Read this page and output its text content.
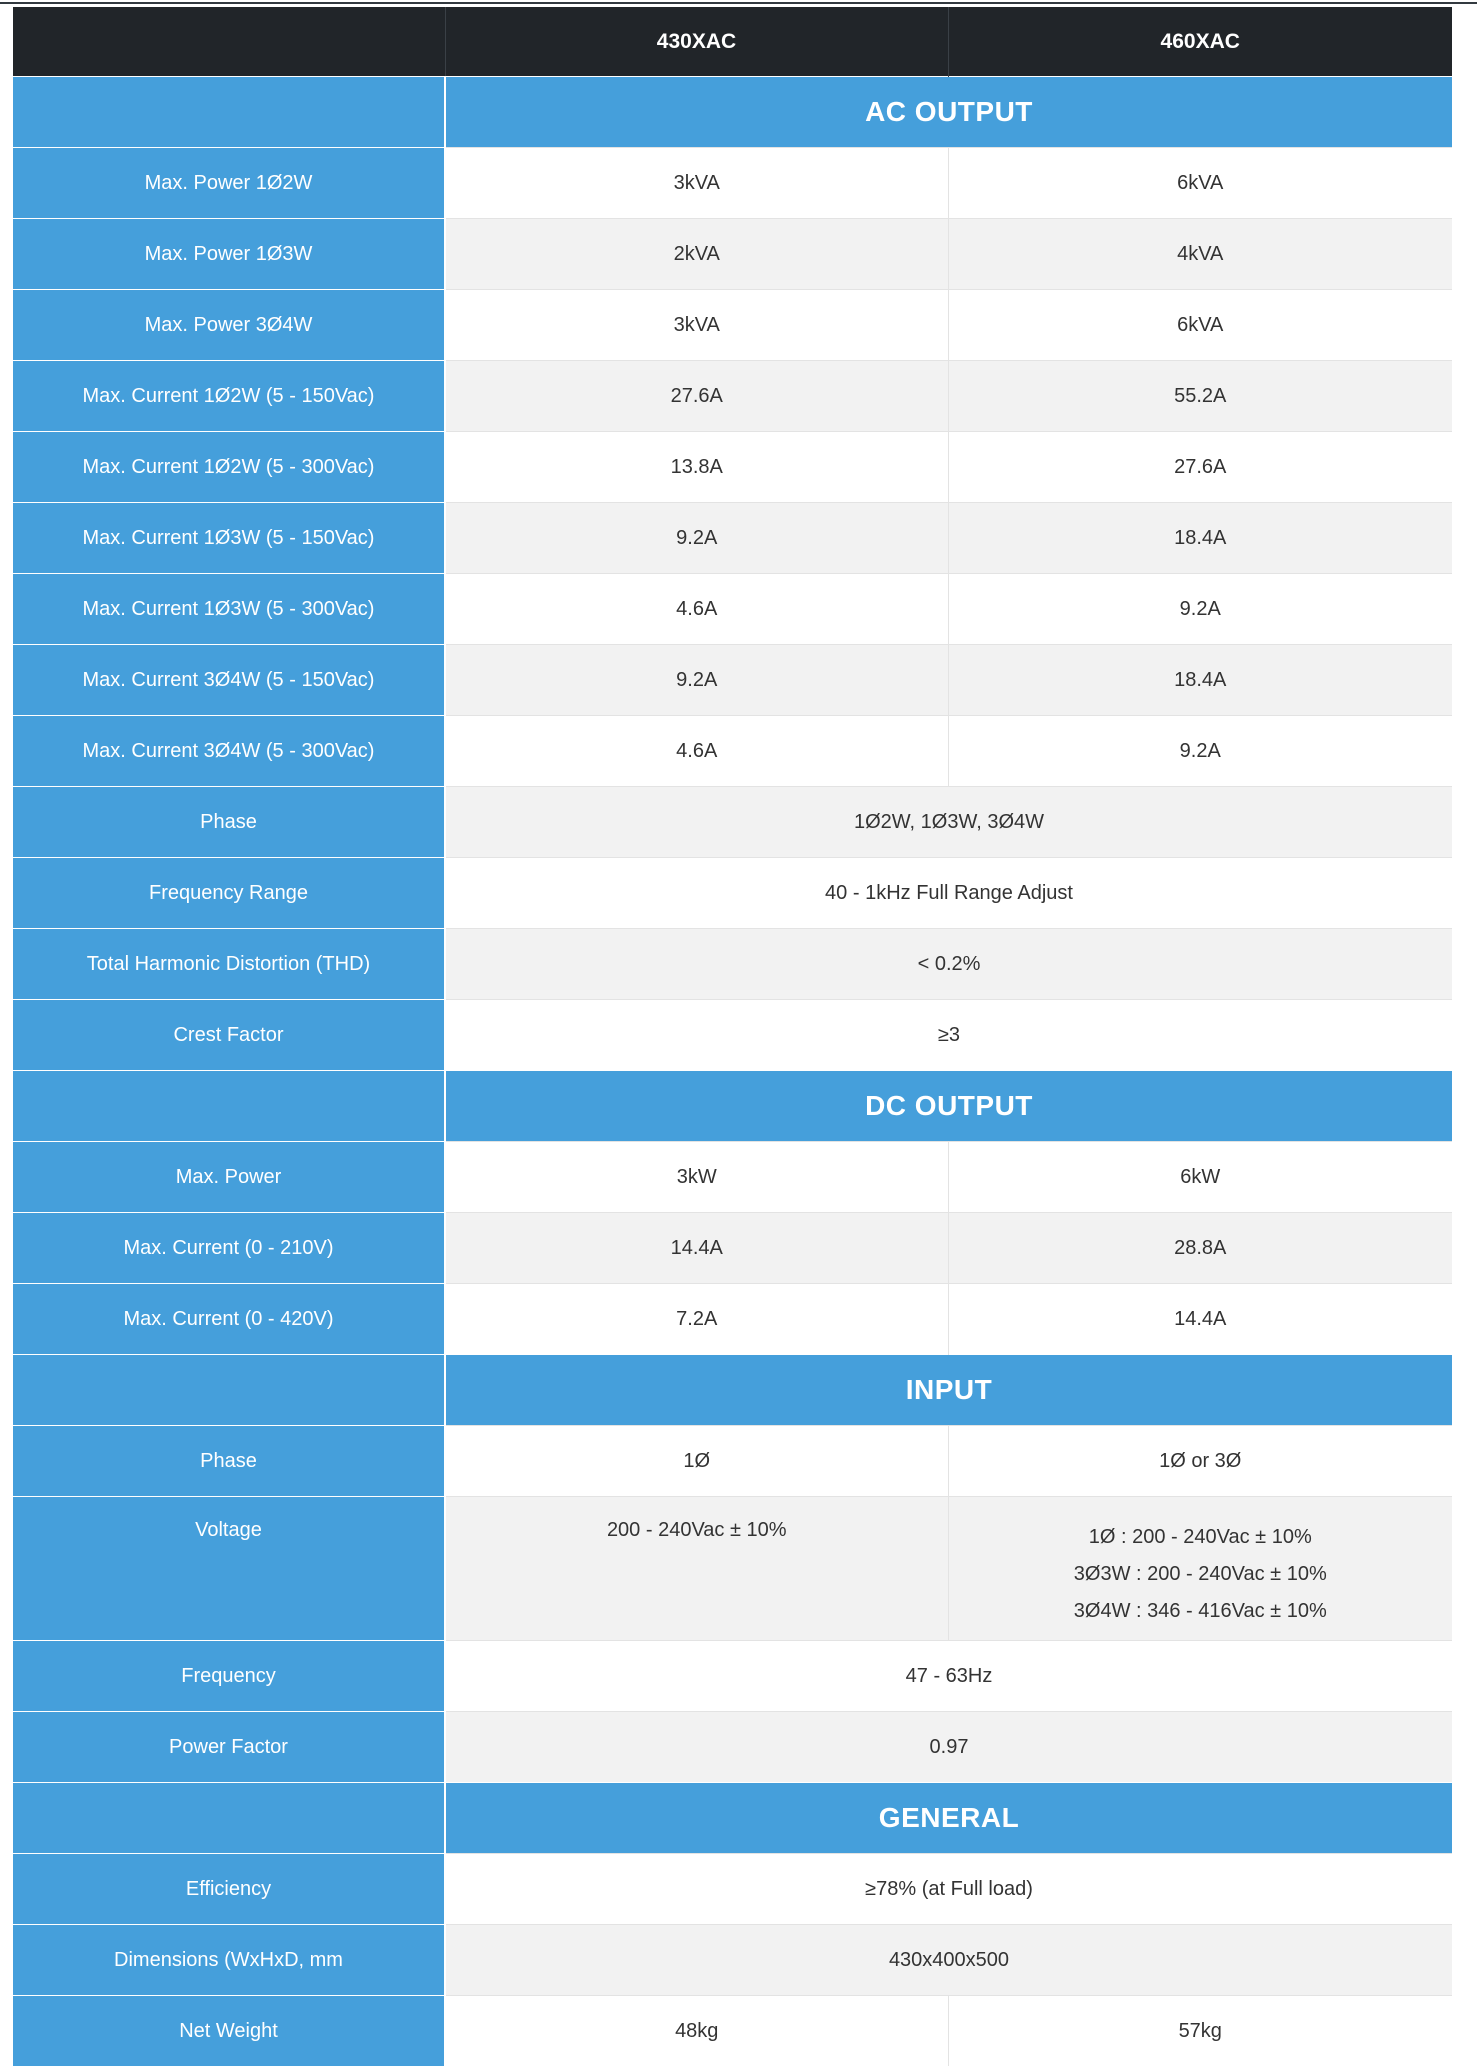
	430XAC	460XAC
	AC OUTPUT	
Max. Power 1Ø2W	3kVA	6kVA
Max. Power 1Ø3W	2kVA	4kVA
Max. Power 3Ø4W	3kVA	6kVA
Max. Current 1Ø2W (5 - 150Vac)	27.6A	55.2A
Max. Current 1Ø2W (5 - 300Vac)	13.8A	27.6A
Max. Current 1Ø3W (5 - 150Vac)	9.2A	18.4A
Max. Current 1Ø3W (5 - 300Vac)	4.6A	9.2A
Max. Current 3Ø4W (5 - 150Vac)	9.2A	18.4A
Max. Current 3Ø4W (5 - 300Vac)	4.6A	9.2A
Phase	1Ø2W, 1Ø3W, 3Ø4W	
Frequency Range	40 - 1kHz Full Range Adjust	
Total Harmonic Distortion (THD)	< 0.2%	
Crest Factor	≥3	
	DC OUTPUT	
Max. Power	3kW	6kW
Max. Current (0 - 210V)	14.4A	28.8A
Max. Current (0 - 420V)	7.2A	14.4A
	INPUT	
Phase	1Ø	1Ø or 3Ø
Voltage	200 - 240Vac ± 10%	1Ø : 200 - 240Vac ± 10%
3Ø3W : 200 - 240Vac ± 10%
3Ø4W : 346 - 416Vac ± 10%

Frequency	47 - 63Hz	
Power Factor	0.97	
	GENERAL	
Efficiency	≥78% (at Full load)	
Dimensions (WxHxD, mm	430x400x500	
Net Weight	48kg	57kg
